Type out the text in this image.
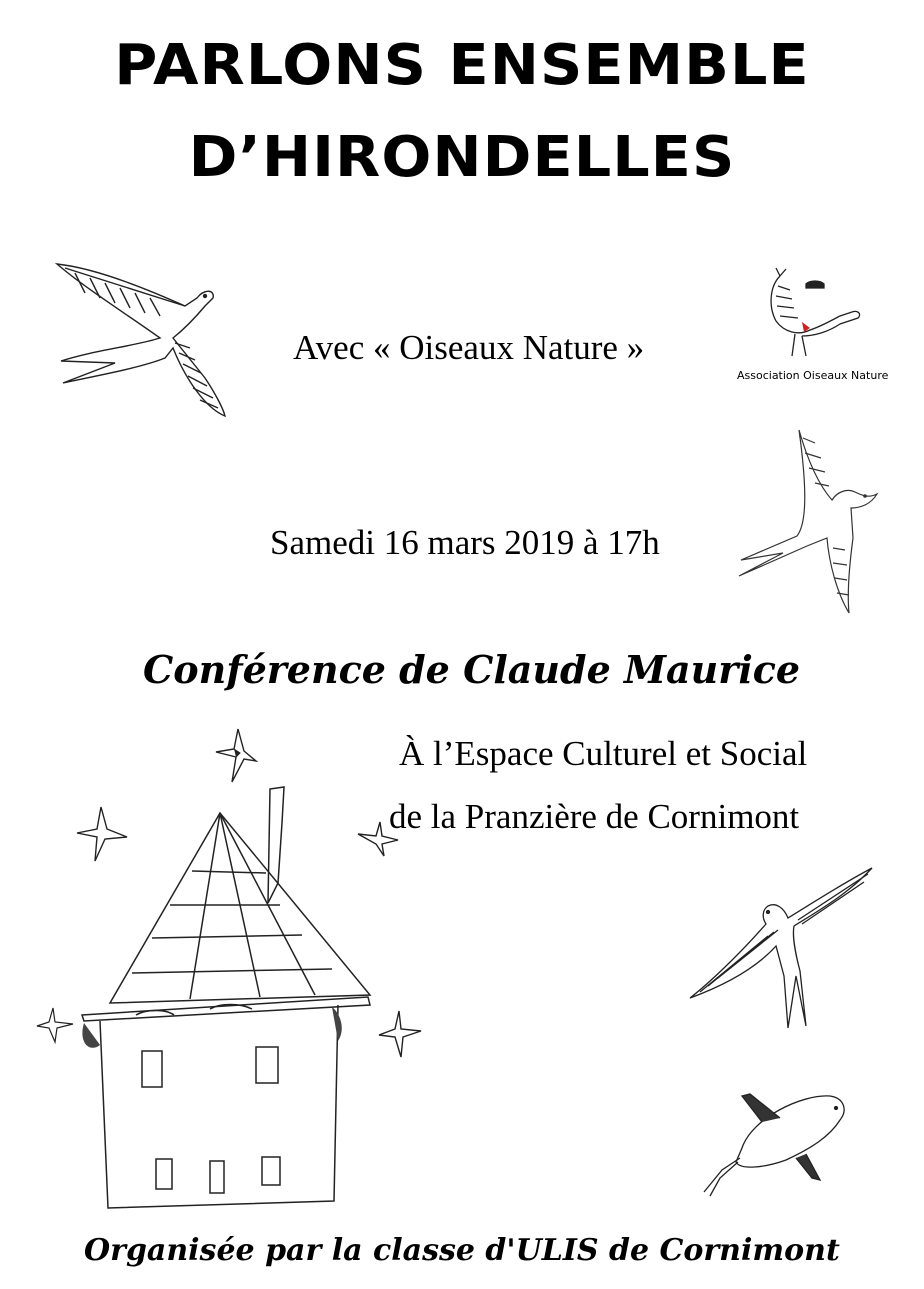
PARLONS ENSEMBLE
D’HIRONDELLES
Avec « Oiseaux Nature »
Association Oiseaux Nature
Samedi 16 mars 2019 à 17h
Conférence de Claude Maurice
À l’Espace Culturel et Social
de la Pranzière de Cornimont
Organisée par la classe d'ULIS de Cornimont
